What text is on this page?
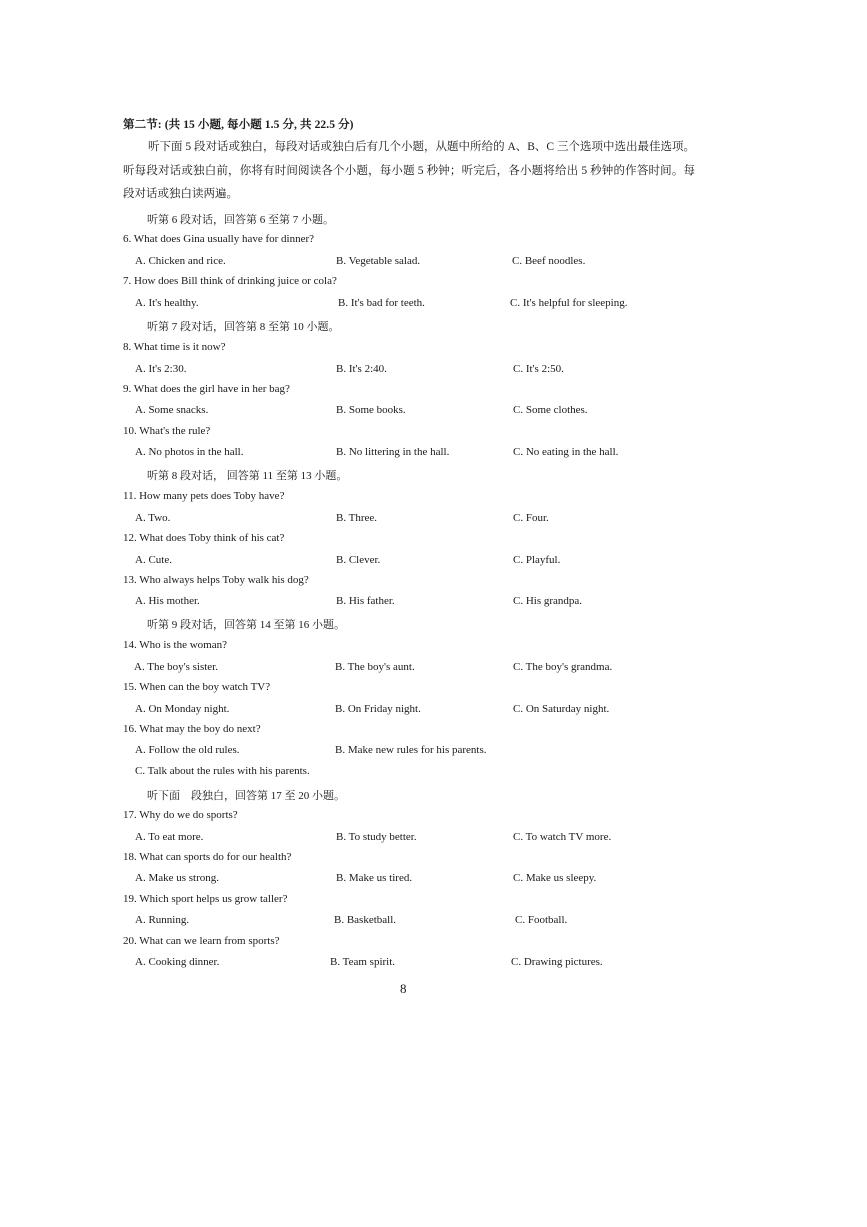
第二节: (共 15 小题, 每小题 1.5 分, 共 22.5 分)
听下面 5 段对话或独白，每段对话或独白后有几个小题，从题中所给的 A、B、C 三个选项中选出最佳选项。听每段对话或独白前，你将有时间阅读各个小题，每小题 5 秒钟；听完后，各小题将给出 5 秒钟的作答时间。每段对话或独白读两遍。
听第 6 段对话，回答第 6 至第 7 小题。
6. What does Gina usually have for dinner?
A. Chicken and rice.	B. Vegetable salad.	C. Beef noodles.
7. How does Bill think of drinking juice or cola?
A. It's healthy.	B. It's bad for teeth.	C. It's helpful for sleeping.
听第 7 段对话，回答第 8 至第 10 小题。
8. What time is it now?
A. It's 2:30.	B. It's 2:40.	C. It's 2:50.
9. What does the girl have in her bag?
A. Some snacks.	B. Some books.	C. Some clothes.
10. What's the rule?
A. No photos in the hall.	B. No littering in the hall.	C. No eating in the hall.
听第 8 段对话， 回答第 11 至第 13 小题。
11. How many pets does Toby have?
A. Two.	B. Three.	C. Four.
12. What does Toby think of his cat?
A. Cute.	B. Clever.	C. Playful.
13. Who always helps Toby walk his dog?
A. His mother.	B. His father.	C. His grandpa.
听第 9 段对话，回答第 14 至第 16 小题。
14. Who is the woman?
A. The boy's sister.	B. The boy's aunt.	C. The boy's grandma.
15. When can the boy watch TV?
A. On Monday night.	B. On Friday night.	C. On Saturday night.
16. What may the boy do next?
A. Follow the old rules.	B. Make new rules for his parents.
C. Talk about the rules with his parents.
听下面　段独白，回答第 17 至 20 小题。
17. Why do we do sports?
A. To eat more.	B. To study better.	C. To watch TV more.
18. What can sports do for our health?
A. Make us strong.	B. Make us tired.	C. Make us sleepy.
19. Which sport helps us grow taller?
A. Running.	B. Basketball.	C. Football.
20. What can we learn from sports?
A. Cooking dinner.	B. Team spirit.	C. Drawing pictures.
8
